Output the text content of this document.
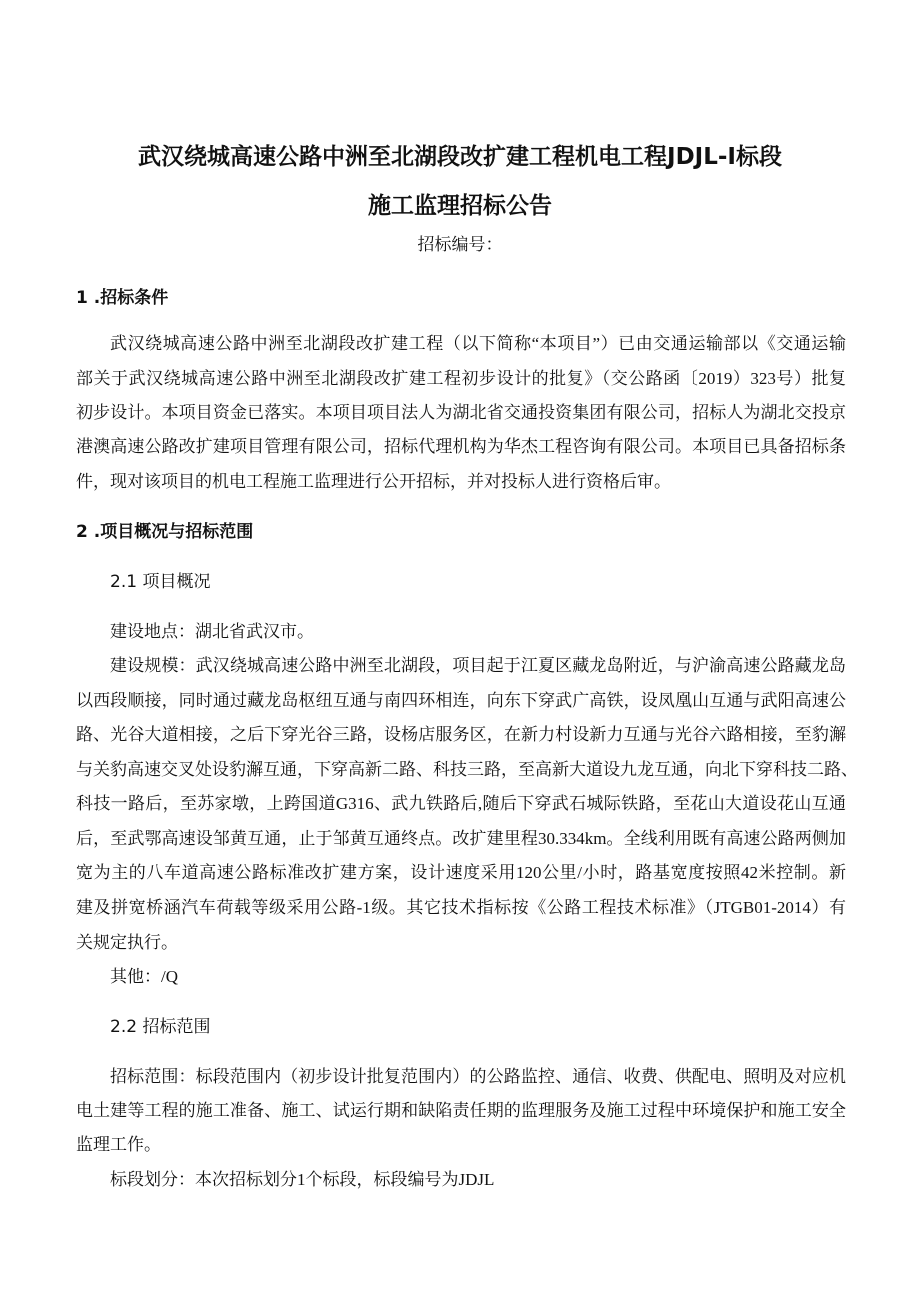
武汉绕城高速公路中洲至北湖段改扩建工程机电工程JDJL-I标段
施工监理招标公告
招标编号：
1 .招标条件
武汉绕城高速公路中洲至北湖段改扩建工程（以下简称“本项目”）已由交通运输部以《交通运输
部关于武汉绕城高速公路中洲至北湖段改扩建工程初步设计的批复》（交公路函〔2019）323号）批复
初步设计。本项目资金已落实。本项目项目法人为湖北省交通投资集团有限公司，招标人为湖北交投京
港澳高速公路改扩建项目管理有限公司，招标代理机构为华杰工程咨询有限公司。本项目已具备招标条
件，现对该项目的机电工程施工监理进行公开招标，并对投标人进行资格后审。
2 .项目概况与招标范围
2.1 项目概况
建设地点：湖北省武汉市。
建设规模：武汉绕城高速公路中洲至北湖段，项目起于江夏区藏龙岛附近，与沪渝高速公路藏龙岛
以西段顺接，同时通过藏龙岛枢纽互通与南四环相连，向东下穿武广高铁，设凤凰山互通与武阳高速公
路、光谷大道相接，之后下穿光谷三路，设杨店服务区，在新力村设新力互通与光谷六路相接，至豹澥
与关豹高速交叉处设豹澥互通，下穿高新二路、科技三路，至高新大道设九龙互通，向北下穿科技二路、
科技一路后，至苏家墩，上跨国道G316、武九铁路后,随后下穿武石城际铁路，至花山大道设花山互通
后，至武鄂高速设邹黄互通，止于邹黄互通终点。改扩建里程30.334km。全线利用既有高速公路两侧加
宽为主的八车道高速公路标准改扩建方案，设计速度采用120公里/小时，路基宽度按照42米控制。新
建及拼宽桥涵汽车荷载等级采用公路-1级。其它技术指标按《公路工程技术标准》（JTGB01-2014）有
关规定执行。
其他：/Q
2.2 招标范围
招标范围：标段范围内（初步设计批复范围内）的公路监控、通信、收费、供配电、照明及对应机
电土建等工程的施工准备、施工、试运行期和缺陷责任期的监理服务及施工过程中环境保护和施工安全
监理工作。
标段划分：本次招标划分1个标段，标段编号为JDJL
